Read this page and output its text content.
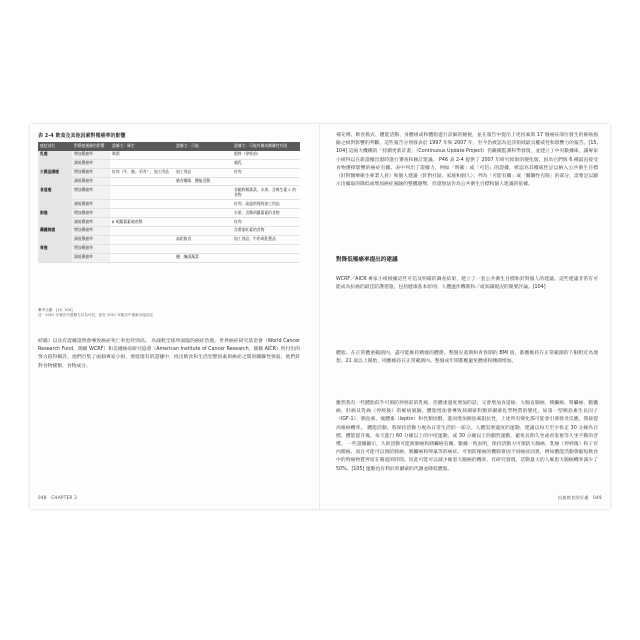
表 2-4 飲食及其他因素對罹癌率的影響
癌症部位	對罹癌風險的影響	證據力：確定	證據力：可能	證據力：可能有關或關聯性有限
乳癌	增加罹癌率	喝酒		肥胖（停經前）
	減低罹癌率			哺乳
大腸直腸癌	增加罹癌率	紅肉（牛、豬、羊肉）、加工肉品	加工肉品	紅肉
	減低罹癌率		膳食纖維、體能活動	
食道癌	增加罹癌率			非澱粉類蔬菜、水果、含維生素 C 的食物
	減低罹癌率			紅肉、高溫料理的加工肉品
肺癌	增加罹癌率			水果、含類胡蘿蔔素的食物
	減低罹癌率	β 胡蘿蔔素補充劑		紅肉
攝護腺癌	增加罹癌率			含番茄紅素的食物
	減低罹癌率		高鈣飲食	加工肉品、牛奶或乳製品
胃癌	增加罹癌率			
	減低罹癌率		鹽、醃漬蔬菜	
參考文獻：[15, 104]
註：2007 年報告中證據力評為可信，但在 2011 年報告中重新分組評定
結腸）以及有證據證明會導致癌症死亡率也特別高。 為減輕全球所面臨的癌症負擔，世界癌症研究基金會（World Cancer Research Fund，簡稱 WCRF）和美國癌症研究協會（American Institute of Cancer Research，簡稱 AICR）所付出的努力值得稱許，他們召集了兩個專家小組，要從現有的證據中，找出飲食和生活型態因素與癌症之間的關聯性強弱，他們針對食物種類、食物成分、
048　CHAPTER 2
補充劑、飲食模式、體能活動、身體組成和體脂進行詳細的檢視，並在報告中提出上述因素與 17 個癌症部位發生的罹癌風險之相對影響的判斷。這些報告分別發表於 1997 年和 2007 年，至今仍被認為是該領域最具權威性和影響力的報告。[15, 104] 這兩大機構的「持續更新計畫」（Continuous Update Project）仍繼續監測科學發現，並建立了中央數據庫，讓專家小組得以在新證據出現時進行審查和修訂建議。 P46 表 2-4 提供了 2007 年研究結果的變化版，因為它們與 6 種最直接受食物選擇影響的癌症有關。表中列出了證據力，例如「明確」或「可信」的證據，被認為其權威性足以納入公共衛生目標（針對醫療衛生專業人員）和個人建議（針對社區、家庭和個人）；列為「可能有關」或「關聯性有限」的部分，需要足以顯示出攝取的降低或增加癌症風險的整體趨勢，但還無法作為公共衛生目標和個人建議的依據。
對降低罹癌率提出的建議
WCRF／AICR 專家小組根據這些可信及明確的調查結果，建立了一套公共衛生目標和針對個人的建議。這些建議非常有可能成為抗癌的最佳防護措施，包括健康基本原則、人體運作機制和／或知識現況的簡要評論。[104]
體脂。在正常體重範圍內，盡可能維持精瘦的體態。整個兒童期和青春期的 BMI 值，都應維持在正常範圍的下限附近為理想，21 歲以上開始，則應維持在正常範圍內。整個成年期都應避免體重和腰圍增加。
雖然我有一些體脂似乎可預防停經前的乳癌，但體重過度增加的話，又會增加食道癌、大腸直腸癌、胰臟癌、腎臟癌、膽囊癌、肝癌及乳癌（停經後）的罹病風險。體脂增加會導致荷爾蒙和類荷爾蒙化學物質的變化，如第一型胰島素生長因子（IGF-1）、胰島素、瘦體素（leptin）和性類固醇，進而增加胰島素阻抗性，上述所有變化都可能會引發發炎反應，間接提高罹癌機率。 體能活動。將保持活動力視為日常生活的一部分。人體需要適度的運動，建議以每天至少快走 30 分鐘為目標，體能提升後，每天進行 60 分鐘以上的中度運動，或 30 分鐘以上的劇烈運動，避免長期久坐或看電視等久坐不動的習慣。 一些證據顯示，久缺活動可能與肺癌和胰臟癌有關。數據一致表明，保持活動力可預防大腸癌、乳癌（停經後）和子宮內膜癌。而且可能可以預防肺癌、胰臟癌和卵巢等的癌症。可預防罹癌的機制會因不同癌症而異，例如體能活動會縮短飲食中的致癌物質停留在腸道的時間。因此可能可以減少罹患大腸癌的機率，有研究發現，活動量大的人罹患大腸癌機率減少了 50%。[105] 運動也有利於荷爾蒙的代謝並降低體脂。
抗癌飲食的好處　049
